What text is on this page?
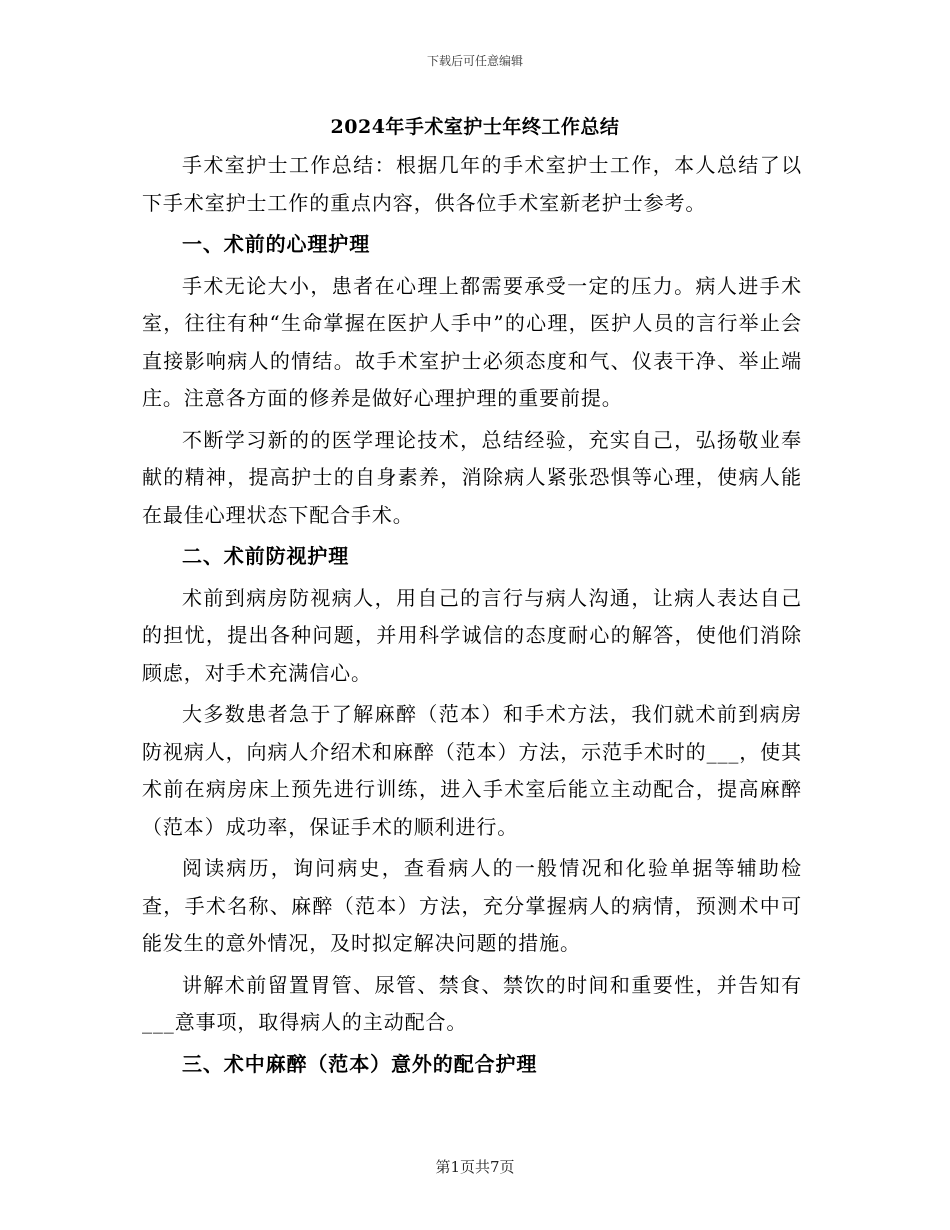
下载后可任意编辑
2024年手术室护士年终工作总结

手术室护士工作总结：根据几年的手术室护士工作，本人总结了以下手术室护士工作的重点内容，供各位手术室新老护士参考。

一、术前的心理护理

手术无论大小，患者在心理上都需要承受一定的压力。病人进手术室，往往有种“生命掌握在医护人手中”的心理，医护人员的言行举止会直接影响病人的情结。故手术室护士必须态度和气、仪表干净、举止端庄。注意各方面的修养是做好心理护理的重要前提。

不断学习新的的医学理论技术，总结经验，充实自己，弘扬敬业奉献的精神，提高护士的自身素养，消除病人紧张恐惧等心理，使病人能在最佳心理状态下配合手术。

二、术前防视护理

术前到病房防视病人，用自己的言行与病人沟通，让病人表达自己的担忧，提出各种问题，并用科学诚信的态度耐心的解答，使他们消除顾虑，对手术充满信心。

大多数患者急于了解麻醉（范本）和手术方法，我们就术前到病房防视病人，向病人介绍术和麻醉（范本）方法，示范手术时的___，使其术前在病房床上预先进行训练，进入手术室后能立主动配合，提高麻醉（范本）成功率，保证手术的顺利进行。

阅读病历，询问病史，查看病人的一般情况和化验单据等辅助检查，手术名称、麻醉（范本）方法，充分掌握病人的病情，预测术中可能发生的意外情况，及时拟定解决问题的措施。

讲解术前留置胃管、尿管、禁食、禁饮的时间和重要性，并告知有___意事项，取得病人的主动配合。

三、术中麻醉（范本）意外的配合护理

第1页共7页
